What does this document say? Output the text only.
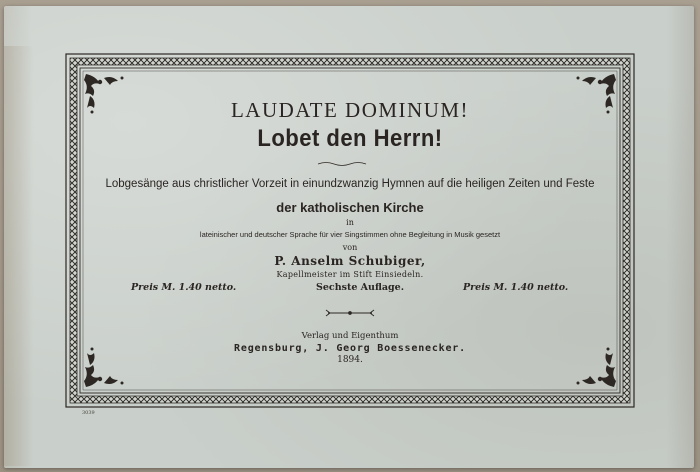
LAUDATE DOMINUM!
Lobet den Herrn!
Lobgesänge aus christlicher Vorzeit in einundzwanzig Hymnen auf die heiligen Zeiten und Feste
der katholischen Kirche
in
lateinischer und deutscher Sprache für vier Singstimmen ohne Begleitung in Musik gesetzt
von
P. Anselm Schubiger,
Kapellmeister im Stift Einsiedeln.
Preis M. 1.40 netto.	Sechste Auflage.	Preis M. 1.40 netto.
Verlag und Eigenthum
Regensburg, J. Georg Boessenecker.
1894.
3039
